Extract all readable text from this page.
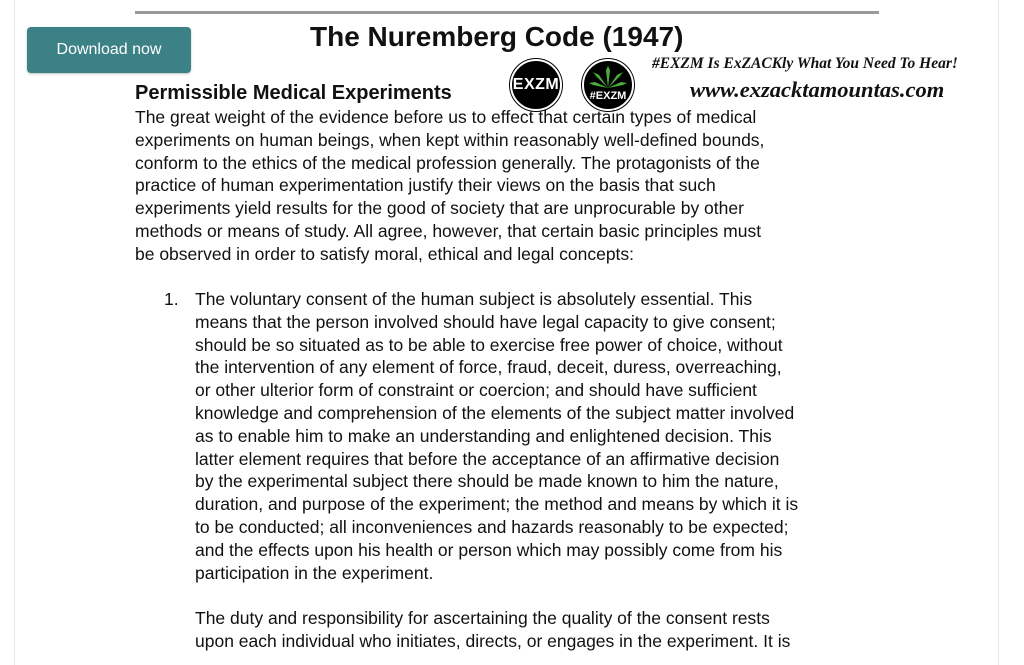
Download now	The Nuremberg Code (1947)
Permissible Medical Experiments	EXZM
#EXZM

#EXZM Is ExZACKly What You Need To Hear!

www.exzacktamountas.com

The great weight of the evidence before us to effect that certain types of medical
experiments on human beings, when kept within reasonably well-defined bounds,
conform to the ethics of the medical profession generally. The protagonists of the
practice of human experimentation justify their views on the basis that such
experiments yield results for the good of society that are unprocurable by other
methods or means of study. All agree, however, that certain basic principles must
be observed in order to satisfy moral, ethical and legal concepts:

1. The voluntary consent of the human subject is absolutely essential. This
means that the person involved should have legal capacity to give consent;
should be so situated as to be able to exercise free power of choice, without
the intervention of any element of force, fraud, deceit, duress, overreaching,
or other ulterior form of constraint or coercion; and should have sufficient
knowledge and comprehension of the elements of the subject matter involved
as to enable him to make an understanding and enlightened decision. This
latter element requires that before the acceptance of an affirmative decision
by the experimental subject there should be made known to him the nature,
duration, and purpose of the experiment; the method and means by which it is
to be conducted; all inconveniences and hazards reasonably to be expected;
and the effects upon his health or person which may possibly come from his
participation in the experiment.

The duty and responsibility for ascertaining the quality of the consent rests
upon each individual who initiates, directs, or engages in the experiment. It is
